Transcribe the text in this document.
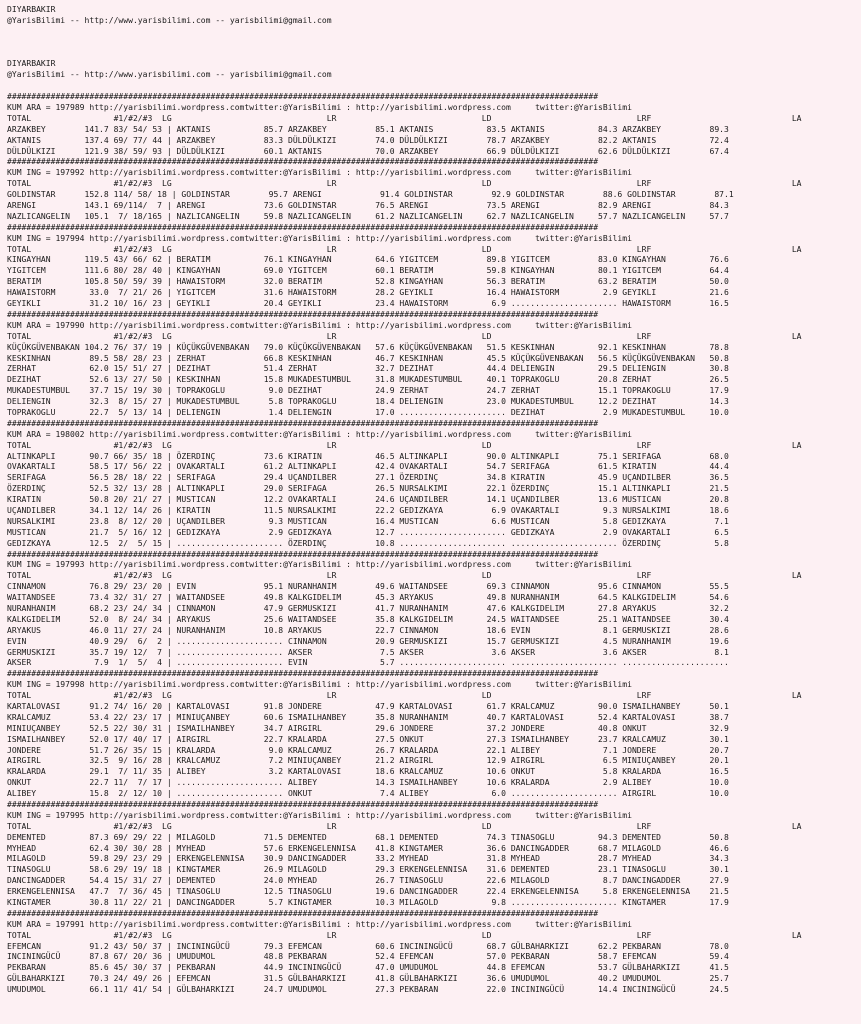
DIYARBAKIR
@YarisBilimi -- http://www.yarisbilimi.com -- yarisbilimi@gmail.com
DIYARBAKIR
@YarisBilimi -- http://www.yarisbilimi.com -- yarisbilimi@gmail.com
##########################################################################################################################
KUM ARA = 197989 http://yarisbilimi.wordpress.comtwitter:@YarisBilimi : http://yarisbilimi.wordpress.com     twitter:@YarisBilimi
TOTAL                 #1/#2/#3  LG                                LR                              LD                              LRF                             LA
ARZAKBEY        141.7 83/ 54/ 53 | AKTANIS           85.7 ARZAKBEY          85.1 AKTANIS           83.5 AKTANIS           84.3 ARZAKBEY          89.3
AKTANIS         137.4 69/ 77/ 44 | ARZAKBEY          83.3 DÜLDÜLKIZI        74.0 DÜLDÜLKIZI        78.7 ARZAKBEY          82.2 AKTANIS           72.4
DÜLDÜLKIZI      121.9 38/ 59/ 93 | DÜLDÜLKIZI        60.1 AKTANIS           70.0 ARZAKBEY          66.9 DÜLDÜLKIZI        62.6 DÜLDÜLKIZI        67.4
##########################################################################################################################
KUM ING = 197992 http://yarisbilimi.wordpress.comtwitter:@YarisBilimi : http://yarisbilimi.wordpress.com     twitter:@YarisBilimi
TOTAL                 #1/#2/#3  LG                                LR                              LD                              LRF                             LA
GOLDINSTAR      152.8 114/ 58/ 18 | GOLDINSTAR        95.7 ARENGI            91.4 GOLDINSTAR        92.9 GOLDINSTAR        88.6 GOLDINSTAR        87.1
ARENGI          143.1 69/114/  7 | ARENGI            73.6 GOLDINSTAR        76.5 ARENGI            73.5 ARENGI            82.9 ARENGI            84.3
NAZLICANGELIN   105.1  7/ 18/165 | NAZLICANGELIN     59.8 NAZLICANGELIN     61.2 NAZLICANGELIN     62.7 NAZLICANGELIN     57.7 NAZLICANGELIN     57.7
##########################################################################################################################
KUM ING = 197994 http://yarisbilimi.wordpress.comtwitter:@YarisBilimi : http://yarisbilimi.wordpress.com     twitter:@YarisBilimi
TOTAL                 #1/#2/#3  LG                                LR                              LD                              LRF                             LA
KINGAYHAN       119.5 43/ 66/ 62 | BERATIM           76.1 KINGAYHAN         64.6 YIGITCEM          89.8 YIGITCEM          83.0 KINGAYHAN         76.6
YIGITCEM        111.6 80/ 28/ 40 | KINGAYHAN         69.0 YIGITCEM          60.1 BERATIM           59.8 KINGAYHAN         80.1 YIGITCEM          64.4
BERATIM         105.8 50/ 59/ 39 | HAWAISTORM        32.0 BERATIM           52.8 KINGAYHAN         56.3 BERATIM           63.2 BERATIM           50.0
HAWAISTORM       33.0  7/ 21/ 26 | YIGITCEM          31.6 HAWAISTORM        28.2 GEYIKLI           16.4 HAWAISTORM         2.9 GEYIKLI           21.6
GEYIKLI          31.2 10/ 16/ 23 | GEYIKLI           20.4 GEYIKLI           23.4 HAWAISTORM         6.9 ...................... HAWAISTORM        16.5
##########################################################################################################################
KUM ARA = 197990 http://yarisbilimi.wordpress.comtwitter:@YarisBilimi : http://yarisbilimi.wordpress.com     twitter:@YarisBilimi
TOTAL                 #1/#2/#3  LG                                LR                              LD                              LRF                             LA
KÜÇÜKGÜVENBAKAN 104.2 76/ 37/ 19 | KÜÇÜKGÜVENBAKAN   79.0 KÜÇÜKGÜVENBAKAN   57.6 KÜÇÜKGÜVENBAKAN   51.5 KESKINHAN         92.1 KESKINHAN         78.8
KESKINHAN        89.5 58/ 28/ 23 | ZERHAT            66.8 KESKINHAN         46.7 KESKINHAN         45.5 KÜÇÜKGÜVENBAKAN   56.5 KÜÇÜKGÜVENBAKAN   50.8
ZERHAT           62.0 15/ 51/ 27 | DEZIHAT           51.4 ZERHAT            32.7 DEZIHAT           44.4 DELIENGIN         29.5 DELIENGIN         30.8
DEZIHAT          52.6 13/ 27/ 50 | KESKINHAN         15.8 MUKADESTUMBUL     31.8 MUKADESTUMBUL     40.1 TOPRAKOGLU        20.8 ZERHAT            26.5
MUKADESTUMBUL    37.7 15/ 19/ 30 | TOPRAKOGLU         9.0 DEZIHAT           24.9 ZERHAT            24.7 ZERHAT            15.1 TOPRAKOGLU        17.9
DELIENGIN        32.3  8/ 15/ 27 | MUKADESTUMBUL      5.8 TOPRAKOGLU        18.4 DELIENGIN         23.0 MUKADESTUMBUL     12.2 DEZIHAT           14.3
TOPRAKOGLU       22.7  5/ 13/ 14 | DELIENGIN          1.4 DELIENGIN         17.0 ...................... DEZIHAT            2.9 MUKADESTUMBUL     10.0
##########################################################################################################################
KUM ARA = 198002 http://yarisbilimi.wordpress.comtwitter:@YarisBilimi : http://yarisbilimi.wordpress.com     twitter:@YarisBilimi
TOTAL                 #1/#2/#3  LG                                LR                              LD                              LRF                             LA
ALTINKAPLI       90.7 66/ 35/ 18 | ÖZERDINÇ          73.6 KIRATIN           46.5 ALTINKAPLI        90.0 ALTINKAPLI        75.1 SERIFAGA          68.0
OVAKARTALI       58.5 17/ 56/ 22 | OVAKARTALI        61.2 ALTINKAPLI        42.4 OVAKARTALI        54.7 SERIFAGA          61.5 KIRATIN           44.4
SERIFAGA         56.5 28/ 18/ 22 | SERIFAGA          29.4 UÇANDILBER        27.1 ÖZERDINÇ          34.8 KIRATIN           45.9 UÇANDILBER        36.5
ÖZERDINÇ         52.5 32/ 13/ 28 | ALTINKAPLI        29.0 SERIFAGA          26.5 NURSALKIMI        22.1 ÖZERDINÇ          15.1 ALTINKAPLI        21.5
KIRATIN          50.8 20/ 21/ 27 | MUSTICAN          12.2 OVAKARTALI        24.6 UÇANDILBER        14.1 UÇANDILBER        13.6 MUSTICAN          20.8
UÇANDILBER       34.1 12/ 14/ 26 | KIRATIN           11.5 NURSALKIMI        22.2 GEDIZKAYA          6.9 OVAKARTALI         9.3 NURSALKIMI        18.6
NURSALKIMI       23.8  8/ 12/ 20 | UÇANDILBER         9.3 MUSTICAN          16.4 MUSTICAN           6.6 MUSTICAN           5.8 GEDIZKAYA          7.1
MUSTICAN         21.7  5/ 16/ 12 | GEDIZKAYA          2.9 GEDIZKAYA         12.7 ...................... GEDIZKAYA          2.9 OVAKARTALI         6.5
GEDIZKAYA        12.5  2/  5/ 15 | ...................... ÖZERDINÇ          10.8 ...................... ...................... ÖZERDINÇ           5.8
##########################################################################################################################
KUM ING = 197993 http://yarisbilimi.wordpress.comtwitter:@YarisBilimi : http://yarisbilimi.wordpress.com     twitter:@YarisBilimi
TOTAL                 #1/#2/#3  LG                                LR                              LD                              LRF                             LA
CINNAMON         76.8 29/ 23/ 20 | EVIN              95.1 NURANHANIM        49.6 WAITANDSEE        69.3 CINNAMON          95.6 CINNAMON          55.5
WAITANDSEE       73.4 32/ 31/ 27 | WAITANDSEE        49.8 KALKGIDELIM       45.3 ARYAKUS           49.8 NURANHANIM        64.5 KALKGIDELIM       54.6
NURANHANIM       68.2 23/ 24/ 34 | CINNAMON          47.9 GERMUSKIZI        41.7 NURANHANIM        47.6 KALKGIDELIM       27.8 ARYAKUS           32.2
KALKGIDELIM      52.0  8/ 24/ 34 | ARYAKUS           25.6 WAITANDSEE        35.8 KALKGIDELIM       24.5 WAITANDSEE        25.1 WAITANDSEE        30.4
ARYAKUS          46.0 11/ 27/ 24 | NURANHANIM        10.8 ARYAKUS           22.7 CINNAMON          18.6 EVIN               8.1 GERMUSKIZI        28.6
EVIN             40.9 29/  6/  2 | ...................... CINNAMON          20.9 GERMUSKIZI        15.7 GERMUSKIZI         4.5 NURANHANIM        19.6
GERMUSKIZI       35.7 19/ 12/  7 | ...................... AKSER              7.5 AKSER              3.6 AKSER              3.6 AKSER              8.1
AKSER             7.9  1/  5/  4 | ...................... EVIN               5.7 ...................... ...................... ......................
##########################################################################################################################
KUM ING = 197998 http://yarisbilimi.wordpress.comtwitter:@YarisBilimi : http://yarisbilimi.wordpress.com     twitter:@YarisBilimi
TOTAL                 #1/#2/#3  LG                                LR                              LD                              LRF                             LA
KARTALOVASI      91.2 74/ 16/ 20 | KARTALOVASI       91.8 JONDERE           47.9 KARTALOVASI       61.7 KRALCAMUZ         90.0 ISMAILHANBEY      50.1
KRALCAMUZ        53.4 22/ 23/ 17 | MINIUÇANBEY       60.6 ISMAILHANBEY      35.8 NURANHANIM        40.7 KARTALOVASI       52.4 KARTALOVASI       38.7
MINIUÇANBEY      52.5 22/ 30/ 31 | ISMAILHANBEY      34.7 AIRGIRL           29.6 JONDERE           37.2 JONDERE           40.8 ONKUT             32.9
ISMAILHANBEY     52.0 17/ 40/ 17 | AIRGIRL           22.7 KRALARDA          27.5 ONKUT             27.3 ISMAILHANBEY      23.7 KRALCAMUZ         30.1
JONDERE          51.7 26/ 35/ 15 | KRALARDA           9.0 KRALCAMUZ         26.7 KRALARDA          22.1 ALIBEY             7.1 JONDERE           20.7
AIRGIRL          32.5  9/ 16/ 28 | KRALCAMUZ          7.2 MINIUÇANBEY       21.2 AIRGIRL           12.9 AIRGIRL            6.5 MINIUÇANBEY       20.1
KRALARDA         29.1  7/ 11/ 35 | ALIBEY             3.2 KARTALOVASI       18.6 KRALCAMUZ         10.6 ONKUT              5.8 KRALARDA          16.5
ONKUT            22.7 11/  7/ 17 | ...................... ALIBEY            14.3 ISMAILHANBEY      10.6 KRALARDA           2.9 ALIBEY            10.0
ALIBEY           15.8  2/ 12/ 10 | ...................... ONKUT              7.4 ALIBEY             6.0 ...................... AIRGIRL           10.0
##########################################################################################################################
KUM ING = 197995 http://yarisbilimi.wordpress.comtwitter:@YarisBilimi : http://yarisbilimi.wordpress.com     twitter:@YarisBilimi
TOTAL                 #1/#2/#3  LG                                LR                              LD                              LRF                             LA
DEMENTED         87.3 69/ 29/ 22 | MILAGOLD          71.5 DEMENTED          68.1 DEMENTED          74.3 TINASOGLU         94.3 DEMENTED          50.8
MYHEAD           62.4 30/ 30/ 28 | MYHEAD            57.6 ERKENGELENNISA    41.8 KINGTAMER         36.6 DANCINGADDER      68.7 MILAGOLD          46.6
MILAGOLD         59.8 29/ 23/ 29 | ERKENGELENNISA    30.9 DANCINGADDER      33.2 MYHEAD            31.8 MYHEAD            28.7 MYHEAD            34.3
TINASOGLU        58.6 29/ 19/ 18 | KINGTAMER         26.9 MILAGOLD          29.3 ERKENGELENNISA    31.6 DEMENTED          23.1 TINASOGLU         30.1
DANCINGADDER     54.4 15/ 31/ 27 | DEMENTED          24.0 MYHEAD            26.7 TINASOGLU         22.6 MILAGOLD           8.7 DANCINGADDER      27.9
ERKENGELENNISA   47.7  7/ 36/ 45 | TINASOGLU         12.5 TINASOGLU         19.6 DANCINGADDER      22.4 ERKENGELENNISA     5.8 ERKENGELENNISA    21.5
KINGTAMER        30.8 11/ 22/ 21 | DANCINGADDER       5.7 KINGTAMER         10.3 MILAGOLD           9.8 ...................... KINGTAMER         17.9
##########################################################################################################################
KUM ARA = 197991 http://yarisbilimi.wordpress.comtwitter:@YarisBilimi : http://yarisbilimi.wordpress.com     twitter:@YarisBilimi
TOTAL                 #1/#2/#3  LG                                LR                              LD                              LRF                             LA
EFEMCAN          91.2 43/ 50/ 37 | INCININGÜCÜ       79.3 EFEMCAN           60.6 INCININGÜCÜ       68.7 GÜLBAHARKIZI      62.2 PEKBARAN          78.0
INCININGÜCÜ      87.8 67/ 20/ 36 | UMUDUMOL          48.8 PEKBARAN          52.4 EFEMCAN           57.0 PEKBARAN          58.7 EFEMCAN           59.4
PEKBARAN         85.6 45/ 30/ 37 | PEKBARAN          44.9 INCININGÜCÜ       47.0 UMUDUMOL          44.8 EFEMCAN           53.7 GÜLBAHARKIZI      41.5
GÜLBAHARKIZI     70.3 24/ 49/ 26 | EFEMCAN           31.5 GÜLBAHARKIZI      41.8 GÜLBAHARKIZI      36.6 UMUDUMOL          40.2 UMUDUMOL          25.7
UMUDUMOL         66.1 11/ 41/ 54 | GÜLBAHARKIZI      24.7 UMUDUMOL          27.3 PEKBARAN          22.0 INCININGÜCÜ       14.4 INCININGÜCÜ       24.5
